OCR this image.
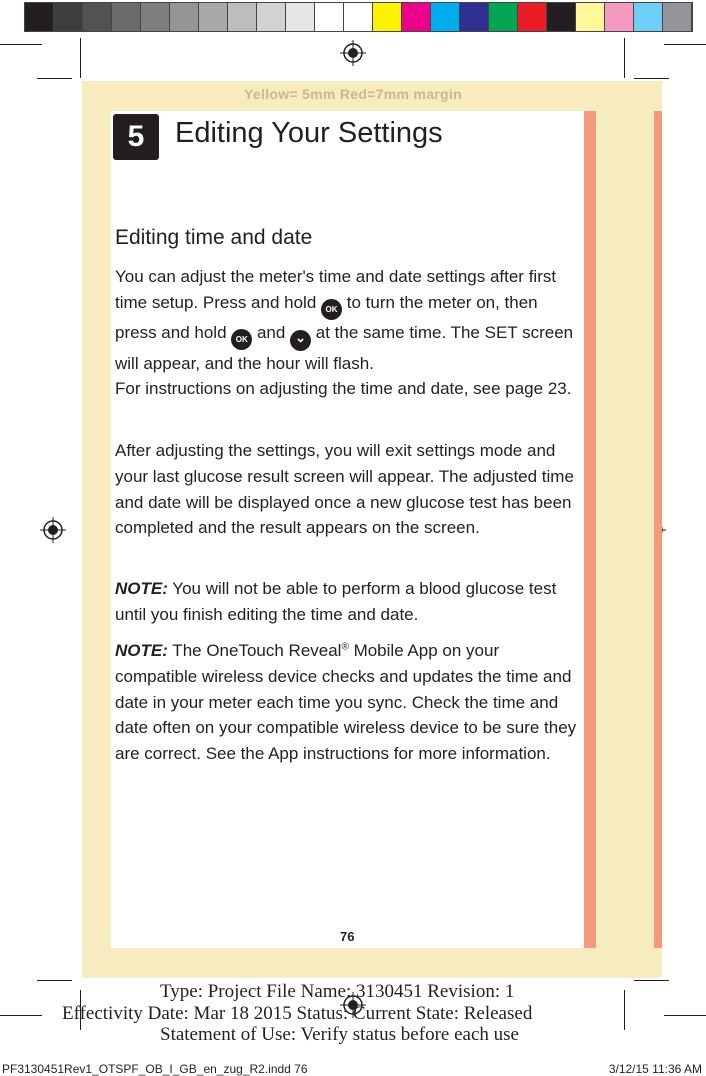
Yellow= 5mm Red=7mm margin
5	Editing Your Settings
Editing time and date

You can adjust the meter's time and date settings after first time setup. Press and hold OK to turn the meter on, then press and hold OK and ⌄ at the same time. The SET screen will appear, and the hour will flash.

For instructions on adjusting the time and date, see page 23.

After adjusting the settings, you will exit settings mode and your last glucose result screen will appear. The adjusted time and date will be displayed once a new glucose test has been completed and the result appears on the screen.

NOTE: You will not be able to perform a blood glucose test until you finish editing the time and date.

NOTE: The OneTouch Reveal® Mobile App on your compatible wireless device checks and updates the time and date in your meter each time you sync. Check the time and date often on your compatible wireless device to be sure they are correct. See the App instructions for more information.

76
Type: Project File Name: 3130451 Revision: 1
Effectivity Date: Mar 18 2015 Status: Current State: Released
Statement of Use: Verify status before each use
PF3130451Rev1_OTSPF_OB_I_GB_en_zug_R2.indd 76	3/12/15 11:36 AM
